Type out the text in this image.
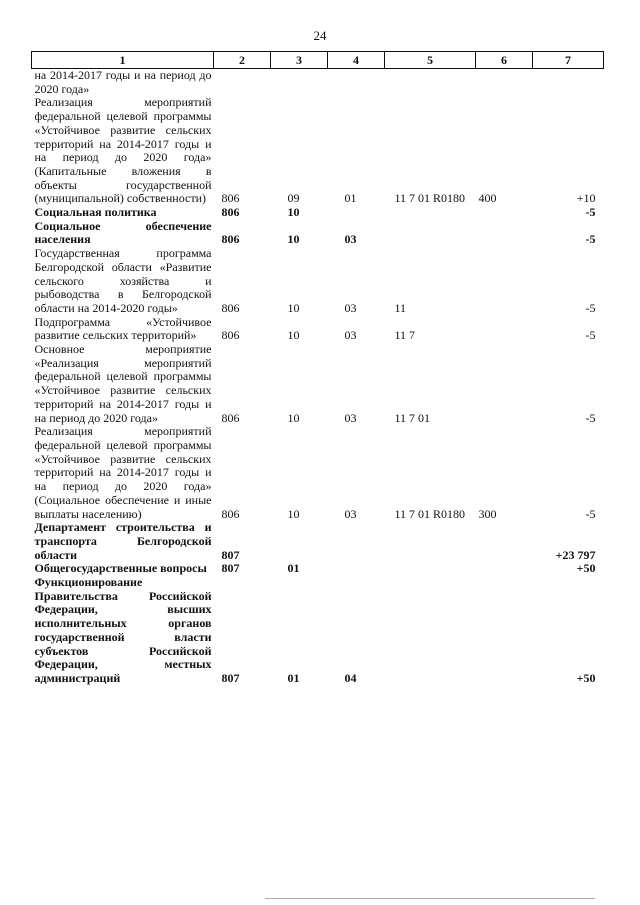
24
1	2	3	4	5	6	7
на 2014-2017 годы и на период до 2020 года»						
Реализация мероприятий федеральной целевой программы «Устойчивое развитие сельских территорий на 2014-2017 годы и на период до 2020 года» (Капитальные вложения в объекты государственной (муниципальной) собственности)	806	09	01	11 7 01 R0180	400	+10
Социальная политика	806	10				-5
Социальное обеспечение населения	806	10	03			-5
Государственная программа Белгородской области «Развитие сельского хозяйства и рыбоводства в Белгородской области на 2014-2020 годы»	806	10	03	11		-5
Подпрограмма «Устойчивое развитие сельских территорий»	806	10	03	11 7		-5
Основное мероприятие «Реализация мероприятий федеральной целевой программы «Устойчивое развитие сельских территорий на 2014-2017 годы и на период до 2020 года»	806	10	03	11 7 01		-5
Реализация мероприятий федеральной целевой программы «Устойчивое развитие сельских территорий на 2014-2017 годы и на период до 2020 года» (Социальное обеспечение и иные выплаты населению)	806	10	03	11 7 01 R0180	300	-5
Департамент строительства и транспорта Белгородской области	807					+23 797
Общегосударственные вопросы	807	01				+50
Функционирование Правительства Российской Федерации, высших исполнительных органов государственной власти субъектов Российской Федерации, местных администраций	807	01	04			+50
